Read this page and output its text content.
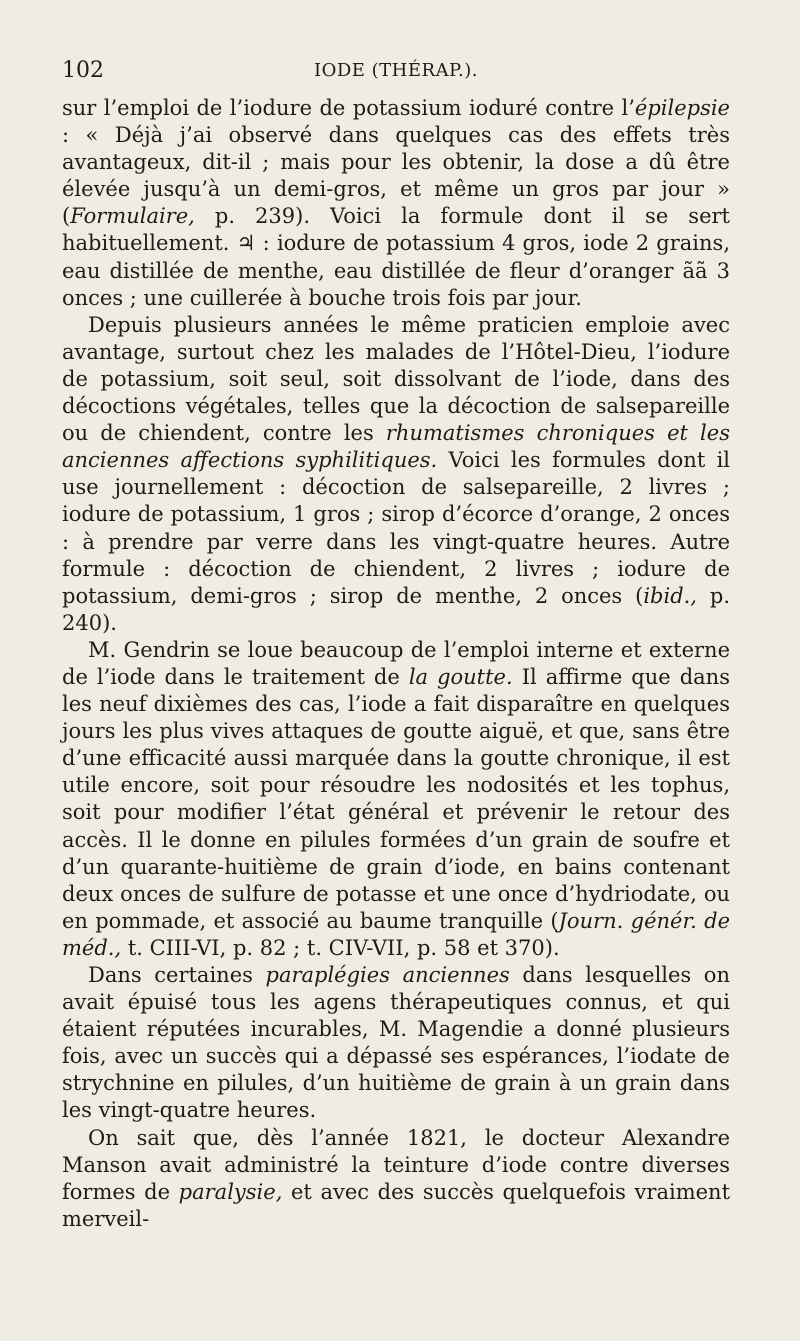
102	IODE (THÉRAP.).

sur l’emploi de l’iodure de potassium ioduré contre l’épilepsie : « Déjà j’ai observé dans quelques cas des effets très avantageux, dit-il ; mais pour les obtenir, la dose a dû être élevée jusqu’à un demi-gros, et même un gros par jour » (Formulaire, p. 239). Voici la formule dont il se sert habituellement. ♃ : iodure de potassium 4 gros, iode 2 grains, eau distillée de menthe, eau distillée de fleur d’oranger ãã 3 onces ; une cuillerée à bouche trois fois par jour.

Depuis plusieurs années le même praticien emploie avec avantage, surtout chez les malades de l’Hôtel-Dieu, l’iodure de potassium, soit seul, soit dissolvant de l’iode, dans des décoctions végétales, telles que la décoction de salsepareille ou de chiendent, contre les rhumatismes chroniques et les anciennes affections syphilitiques. Voici les formules dont il use journellement : décoction de salsepareille, 2 livres ; iodure de potassium, 1 gros ; sirop d’écorce d’orange, 2 onces : à prendre par verre dans les vingt-quatre heures. Autre formule : décoction de chiendent, 2 livres ; iodure de potassium, demi-gros ; sirop de menthe, 2 onces (ibid., p. 240).

M. Gendrin se loue beaucoup de l’emploi interne et externe de l’iode dans le traitement de la goutte. Il affirme que dans les neuf dixièmes des cas, l’iode a fait disparaître en quelques jours les plus vives attaques de goutte aiguë, et que, sans être d’une efficacité aussi marquée dans la goutte chronique, il est utile encore, soit pour résoudre les nodosités et les tophus, soit pour modifier l’état général et prévenir le retour des accès. Il le donne en pilules formées d’un grain de soufre et d’un quarante-huitième de grain d’iode, en bains contenant deux onces de sulfure de potasse et une once d’hydriodate, ou en pommade, et associé au baume tranquille (Journ. génér. de méd., t. CIII-VI, p. 82 ; t. CIV-VII, p. 58 et 370).

Dans certaines paraplégies anciennes dans lesquelles on avait épuisé tous les agens thérapeutiques connus, et qui étaient réputées incurables, M. Magendie a donné plusieurs fois, avec un succès qui a dépassé ses espérances, l’iodate de strychnine en pilules, d’un huitième de grain à un grain dans les vingt-quatre heures.

On sait que, dès l’année 1821, le docteur Alexandre Manson avait administré la teinture d’iode contre diverses formes de paralysie, et avec des succès quelquefois vraiment merveil-
